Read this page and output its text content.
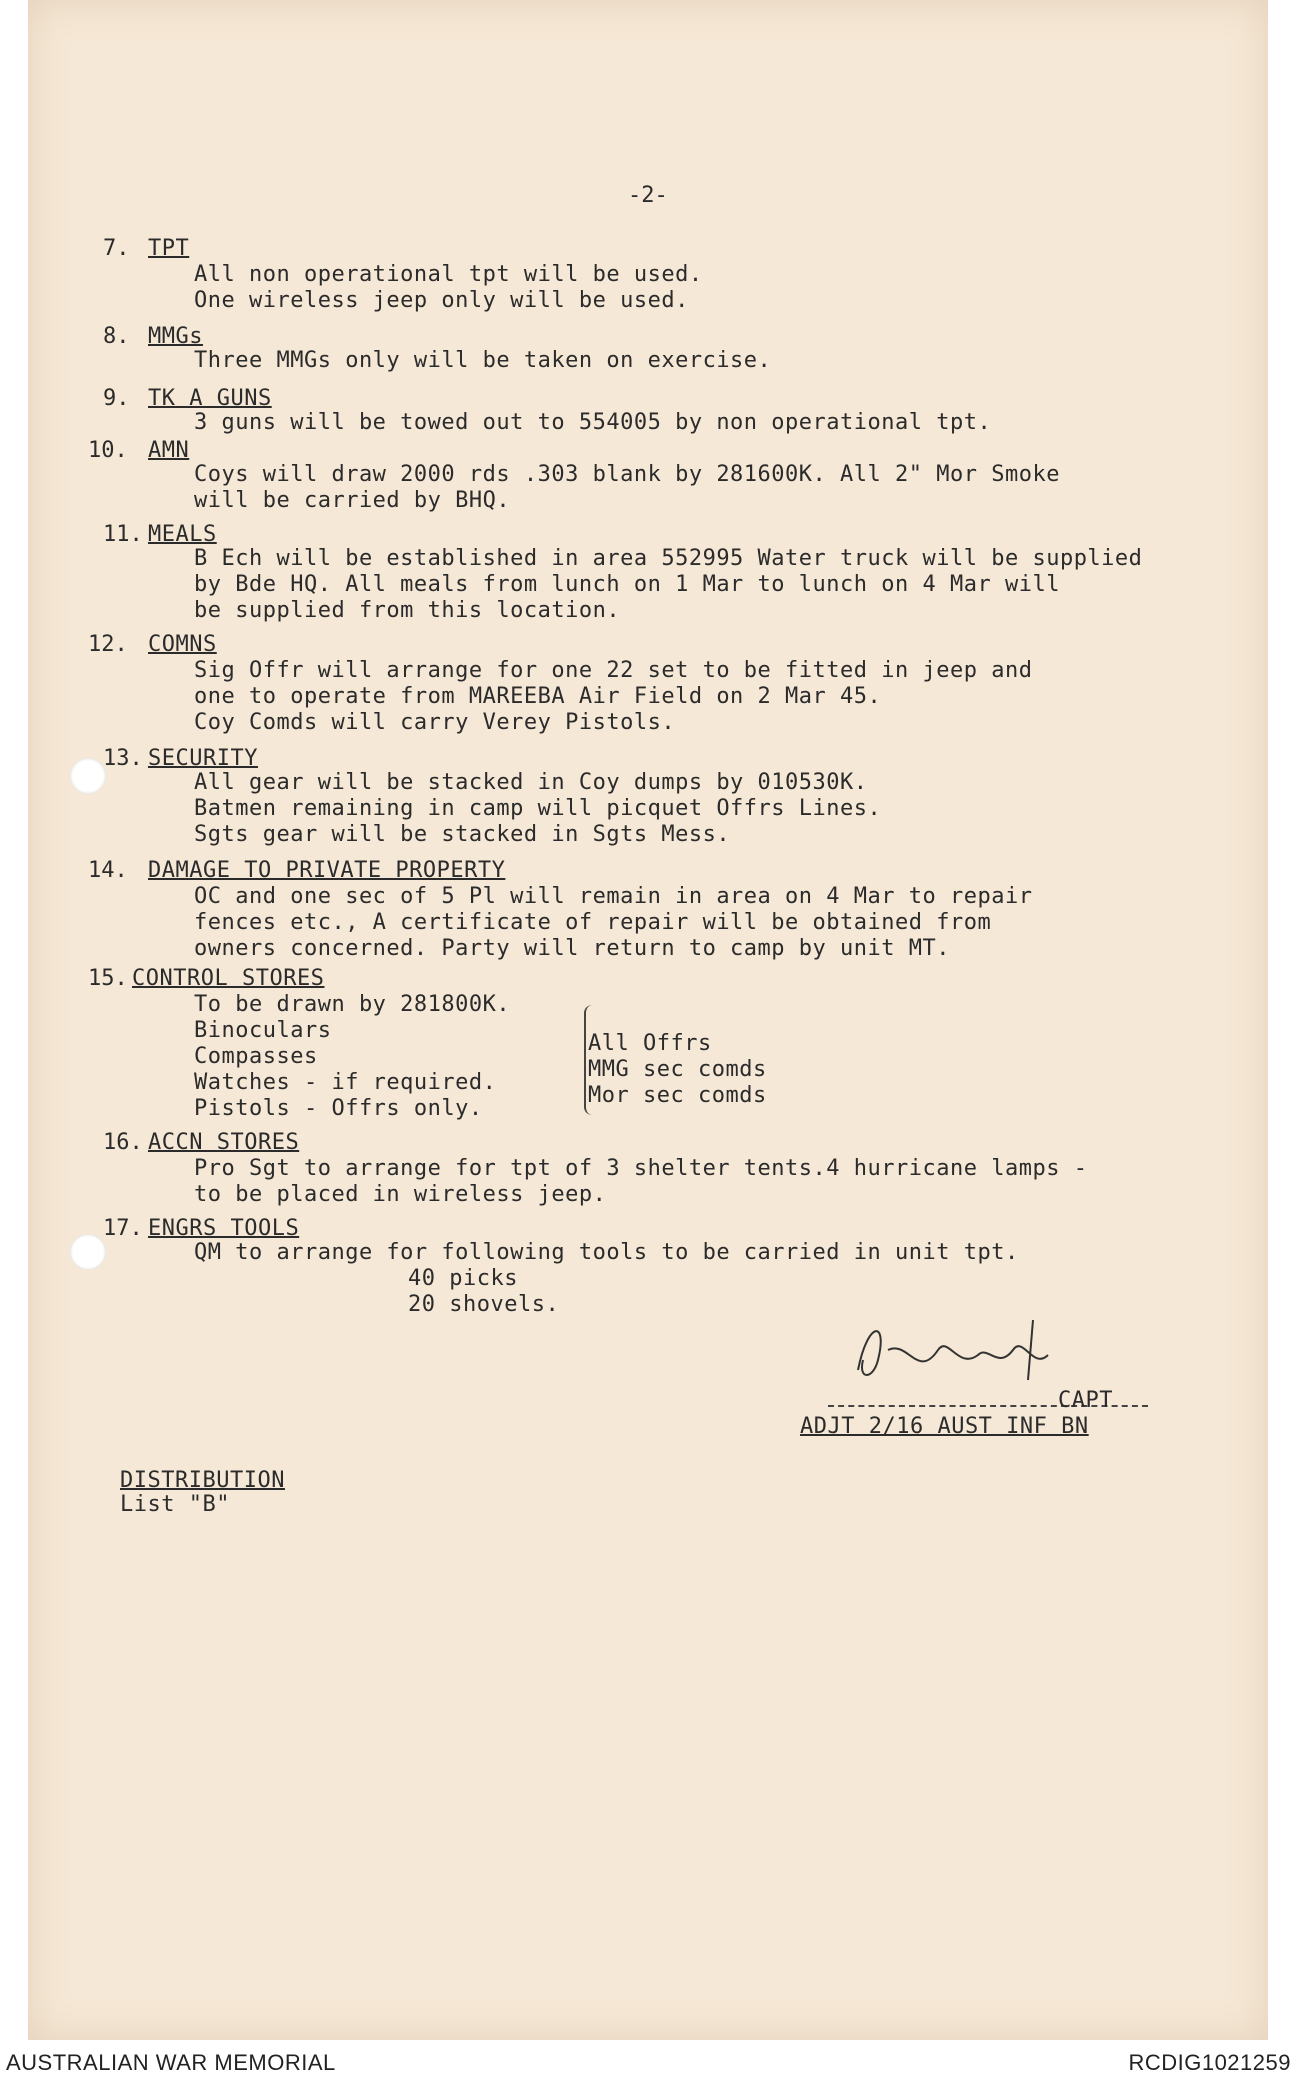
-2-
7. TPT
All non operational tpt will be used.
One wireless jeep only will be used.
8. MMGs
Three MMGs only will be taken on exercise.
9. TK A GUNS
3 guns will be towed out to 554005 by non operational tpt.
10. AMN
Coys will draw 2000 rds .303 blank by 281600K. All 2" Mor Smoke
will be carried by BHQ.
11. MEALS
B Ech will be established in area 552995 Water truck will be supplied
by Bde HQ. All meals from lunch on 1 Mar to lunch on 4 Mar will
be supplied from this location.
12. COMNS
Sig Offr will arrange for one 22 set to be fitted in jeep and
one to operate from MAREEBA Air Field on 2 Mar 45.
Coy Comds will carry Verey Pistols.
13. SECURITY
All gear will be stacked in Coy dumps by 010530K.
Batmen remaining in camp will picquet Offrs Lines.
Sgts gear will be stacked in Sgts Mess.
14. DAMAGE TO PRIVATE PROPERTY
OC and one sec of 5 Pl will remain in area on 4 Mar to repair
fences etc., A certificate of repair will be obtained from
owners concerned. Party will return to camp by unit MT.
15. CONTROL STORES
To be drawn by 281800K.
Binoculars
Compasses
Watches - if required.
Pistols - Offrs only.
All Offrs
MMG sec comds
Mor sec comds
16. ACCN STORES
Pro Sgt to arrange for tpt of 3 shelter tents.4 hurricane lamps -
to be placed in wireless jeep.
17. ENGRS TOOLS
QM to arrange for following tools to be carried in unit tpt.
40 picks
20 shovels.
CAPT
ADJT 2/16 AUST INF BN
DISTRIBUTION
List "B"
AUSTRALIAN WAR MEMORIAL	RCDIG1021259
